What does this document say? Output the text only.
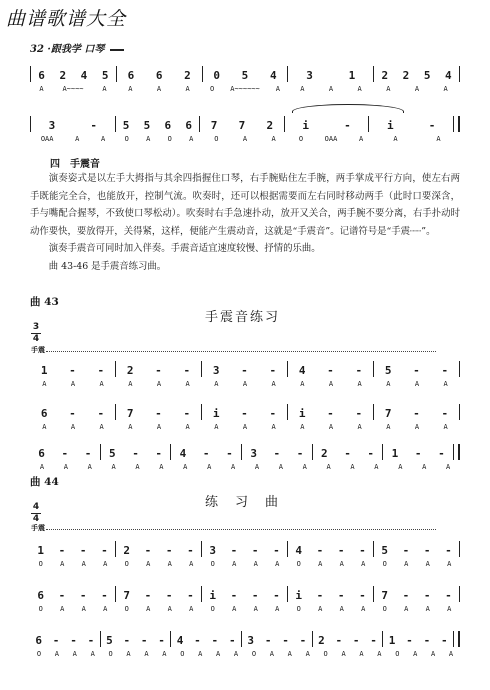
曲谱歌谱大全
32 ·跟我学 口琴
四　手震音

演奏姿式是以左手大拇指与其余四指握住口琴，右手腕贴住左手腕，两手掌成平行方向，使左右两手既能完全合，也能放开，控制气流。吹奏时，还可以根据需要而左右同时移动两手（此时口要深含，手与嘴配合握琴，不致使口琴松动）。吹奏时右手急速扑动，放开又关合，两手腕不要分离，右手扑动时动作要快，要放得开，关得紧，这样，便能产生震动音，这就是“手震音”。记谱符号是“手震┈┈”。

演奏手震音可同时加入伴奏。手震音适宜速度较慢、抒情的乐曲。

曲 43-46 是手震音练习曲。

曲 43
手震音练习
3
4
手震
曲 44
练　习　曲
4
4
手震
6 2 4 5 6 6 2 0 5 4	3	1 2 2 5 4
A	A~~~~	A	A	A	A	O A~~~~~~ A	A	A	A	A	A	A
3	- 5 5 6 6 7 7 2	i	-	i	-
OAA	A	A	O A O A	O	A	A	O	OAA	A	A	A
1 - - 2 - - 3 - - 4 - - 5 - -
A	A	A	A	A	A	A	A	A	A	A	A	A	A	A
6 - - 7 - - i - - i - - 7 - -
A	A	A	A	A	A	A	A	A	A	A	A	A	A	A
6 - - 5 - - 4 - - 3 - - 2 - - 1 - -
A	A	A	A	A	A	A	A	A	A	A	A	A	A	A	A	A	A
1 - - - 2 - - - 3 - - - 4 - - - 5 - - -
O A A A O A A A O A A A O A A A O A A A
6 - - - 7 - - - i - - - i - - - 7 - - -
O A A A O A A A O A A A O A A A O A A A
6 - - - 5 - - - 4 - - - 3 - - - 2 - - - 1 - - -
O A A A O A A A O A A A O A A A O A A A O A A A
